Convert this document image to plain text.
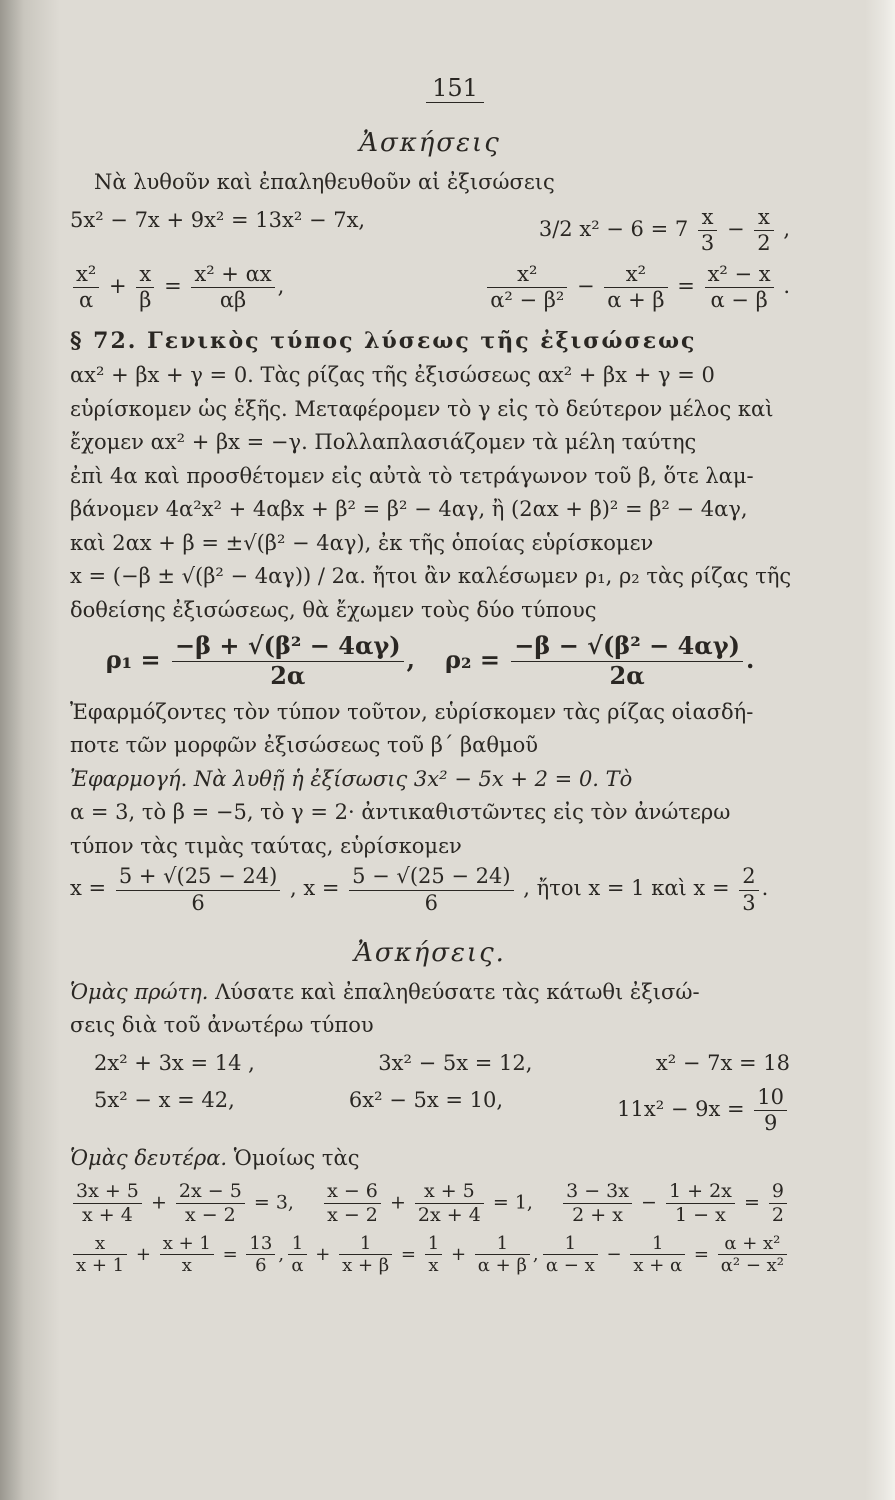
151
Ἀσκήσεις
Νὰ λυθοῦν καὶ ἐπαληθευθοῦν αἱ ἐξισώσεις
5x² − 7x + 9x² = 13x² − 7x,	3/2 $x^2 - 6 = 7 \frac{x}{3} - \frac{x}{2}$ ,
$\frac{\text{x²}}{\alpha} + \frac{x}{\beta} = \frac{\text{x² + αx}}{\alpha\beta}$ ,	$\frac{\text{x²}}{\text{α² − β²}} - \frac{\text{x²}}{\alpha + \beta} = \frac{\text{x² − x}}{\alpha - \beta}$ .
§ 72. Γενικὸς τύπος λύσεως τῆς ἐξισώσεως
αx² + βx + γ = 0. Τὰς ρίζας τῆς ἐξισώσεως αx² + βx + γ = 0
εὑρίσκομεν ὡς ἑξῆς. Μεταφέρομεν τὸ γ εἰς τὸ δεύτερον μέλος καὶ
ἔχομεν αx² + βx = −γ. Πολλαπλασιάζομεν τὰ μέλη ταύτης
ἐπὶ 4α καὶ προσθέτομεν εἰς αὐτὰ τὸ τετράγωνον τοῦ β, ὅτε λαμ-
βάνομεν 4α²x² + 4αβx + β² = β² − 4αγ, ἢ (2αx + β)² = β² − 4αγ,
καὶ 2αx + β = ±√(β² − 4αγ), ἐκ τῆς ὁποίας εὑρίσκομεν
x = (−β ± √(β² − 4αγ)) / 2α. ἤτοι ἂν καλέσωμεν ρ₁, ρ₂ τὰς ρίζας τῆς
δοθείσης ἐξισώσεως, θὰ ἔχωμεν τοὺς δύο τύπους
$\rho_1 = \frac{\text{−β + √(β² − 4αγ)}}{2\alpha}$ , $\rho_2 = \frac{\text{−β − √(β² − 4αγ)}}{2\alpha}$ .
Ἐφαρμόζοντες τὸν τύπον τοῦτον, εὑρίσκομεν τὰς ρίζας οἱασδή-
ποτε τῶν μορφῶν ἐξισώσεως τοῦ β΄ βαθμοῦ
Ἐφαρμογή. Νὰ λυθῇ ἡ ἐξίσωσις 3x² − 5x + 2 = 0. Τὸ
α = 3, τὸ β = −5, τὸ γ = 2· ἀντικαθιστῶντες εἰς τὸν ἀνώτερω
τύπον τὰς τιμὰς ταύτας, εὑρίσκομεν
$x = \frac{5 + √(25 - 24)}{6}$ , $x = \frac{5 - √(25 - 24)}{6}$ , ἤτοι x = 1 καὶ $x = \frac{2}{3}$ .
Ἀσκήσεις.
Ὁμὰς πρώτη. Λύσατε καὶ ἐπαληθεύσατε τὰς κάτωθι ἐξισώ-
σεις διὰ τοῦ ἀνωτέρω τύπου
2x² + 3x = 14 ,	3x² − 5x = 12,	x² − 7x = 18
5x² − x = 42,	6x² − 5x = 10,	$11x^2 - 9x = \frac{10}{9}$
Ὁμὰς δευτέρα. Ὁμοίως τὰς
$\frac{3x + 5}{x + 4} + \frac{2x - 5}{x - 2} = 3$, $\frac{x - 6}{x - 2} + \frac{x + 5}{2x + 4} = 1$, $\frac{3 - 3x}{2 + x} - \frac{1 + 2x}{1 - x} = \frac{9}{2}$
$\frac{x}{x + 1} + \frac{x + 1}{x} = \frac{13}{6}$ , $\frac{1}{\alpha} + \frac{1}{x + \beta} = \frac{1}{x} + \frac{1}{\alpha + \beta}$ , $\frac{1}{\alpha - x} - \frac{1}{x + \alpha} = \frac{\text{α + x²}}{\text{α² − x²}}$
